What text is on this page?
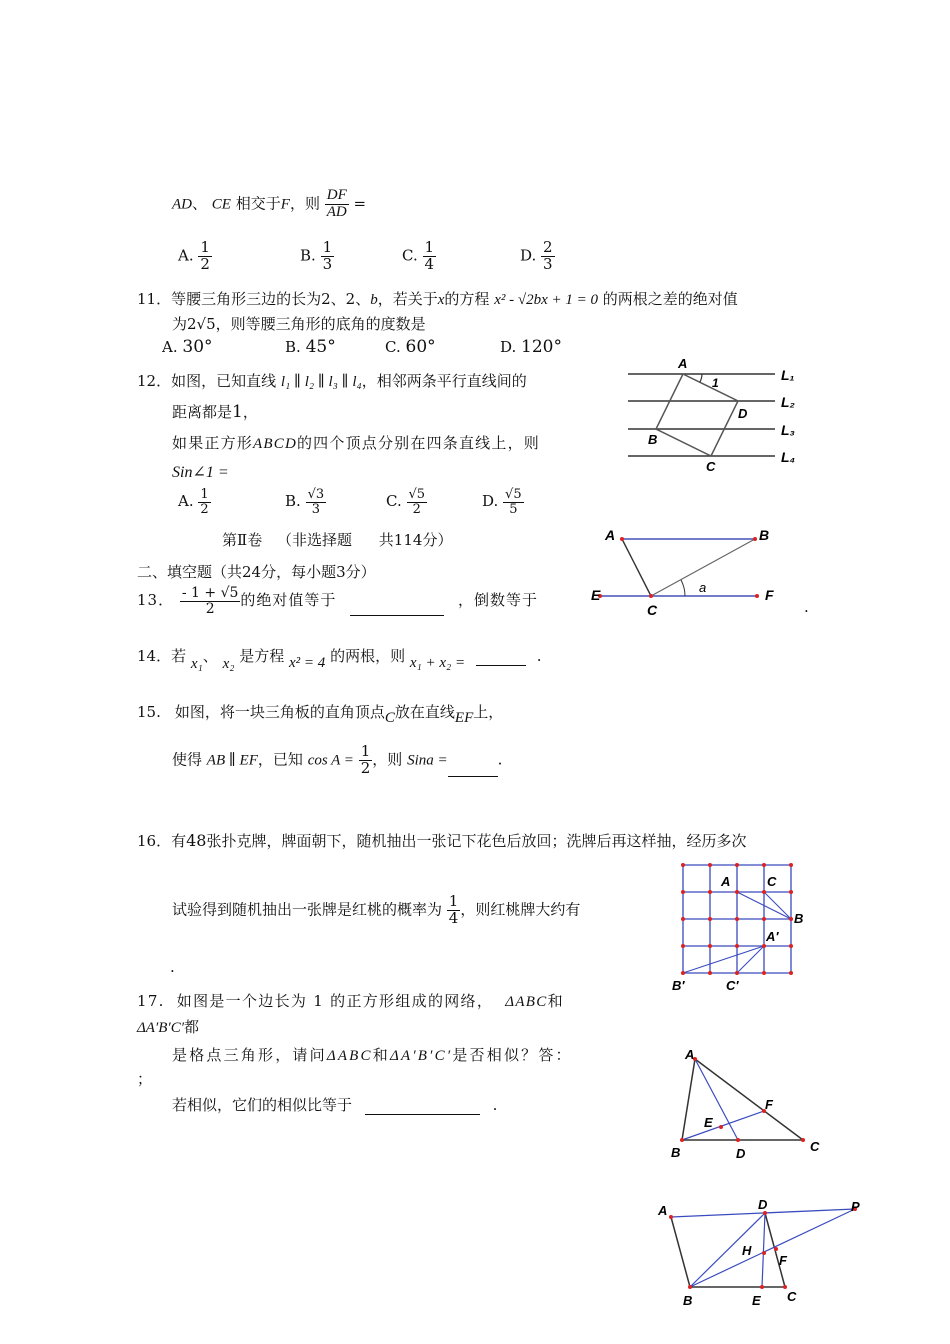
AD、 CE 相交于F，则 $\frac{DF}{AD}$ =
A. $\frac{1}{2}$	B. $\frac{1}{3}$	C. $\frac{1}{4}$	D. $\frac{2}{3}$
11．等腰三角形三边的长为2、2、b，若关于x的方程 x² - √2bx + 1 = 0 的两根之差的绝对值
为2√5，则等腰三角形的底角的度数是
A. 30°	B. 45°	C. 60°	D. 120°
12．如图，已知直线 l₁ ∥ l₂ ∥ l₃ ∥ l₄，相邻两条平行直线间的
距离都是1，
如果正方形ABCD的四个顶点分别在四条直线上，则
Sin∠1 =
A. $\frac{1}{2}$	B. $\frac{√3}{3}$	C. $\frac{√5}{2}$	D. $\frac{√5}{5}$
A
1
D
B
C
L₁
L₂
L₃
L₄
第Ⅱ卷 （非选择题 共114分）	A	B
E	F
C
a
二、填空题（共24分，每小题3分）
13． $\frac{- 1 + √5}{2}$ 的绝对值等于	，倒数等于	.
14．若 x₁、 x₂ 是方程 x² = 4 的两根，则 x₁ + x₂ =	.
15. 如图，将一块三角板的直角顶点C放在直线EF上，
使得 AB ∥ EF，已知 $\cos A = \frac{1}{2}$ ，则 Sina =	.
16．有48张扑克牌，牌面朝下，随机抽出一张记下花色后放回；洗牌后再这样抽，经历多次
试验得到随机抽出一张牌是红桃的概率为 $\frac{1}{4}$ ，则红桃牌大约有
.
A	C
B
A′
B′	C′
17. 如图是一个边长为 1 的正方形组成的网络， ΔABC和
ΔA′B′C′都
是格点三角形，请问ΔABC和ΔA′B′C′是否相似？答：
；
若相似，它们的相似比等于	.
A
B	C
D
E
F
A	D	P
H
F
B	E C
